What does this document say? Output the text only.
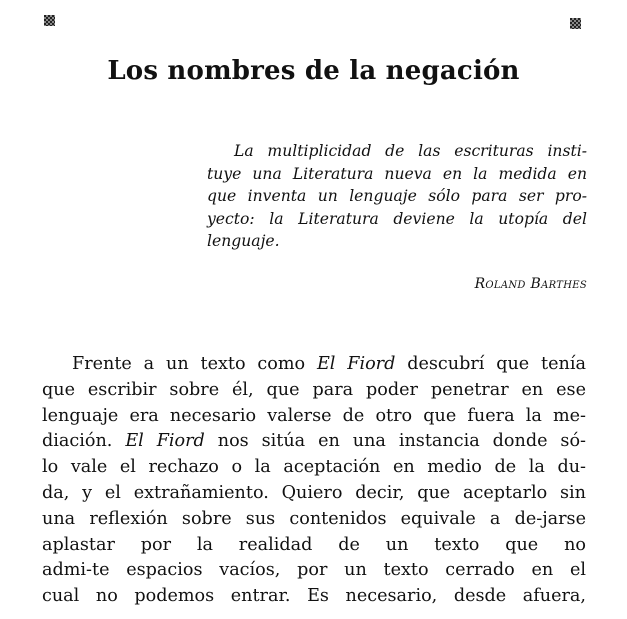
Los nombres de la negación
La multiplicidad de las escrituras insti-
tuye una Literatura nueva en la medida en
que inventa un lenguaje sólo para ser pro-
yecto: la Literatura deviene la utopía del
lenguaje.
Roland Barthes
Frente a un texto como El Fiord descubrí que tenía
que escribir sobre él, que para poder penetrar en ese
lenguaje era necesario valerse de otro que fuera la me-
diación. El Fiord nos sitúa en una instancia donde só-
lo vale el rechazo o la aceptación en medio de la du-
da, y el extrañamiento. Quiero decir, que aceptarlo sin
una reflexión sobre sus contenidos equivale a de-jarse
aplastar por la realidad de un texto que no
admi-te espacios vacíos, por un texto cerrado en el
cual no podemos entrar. Es necesario, desde afuera,
